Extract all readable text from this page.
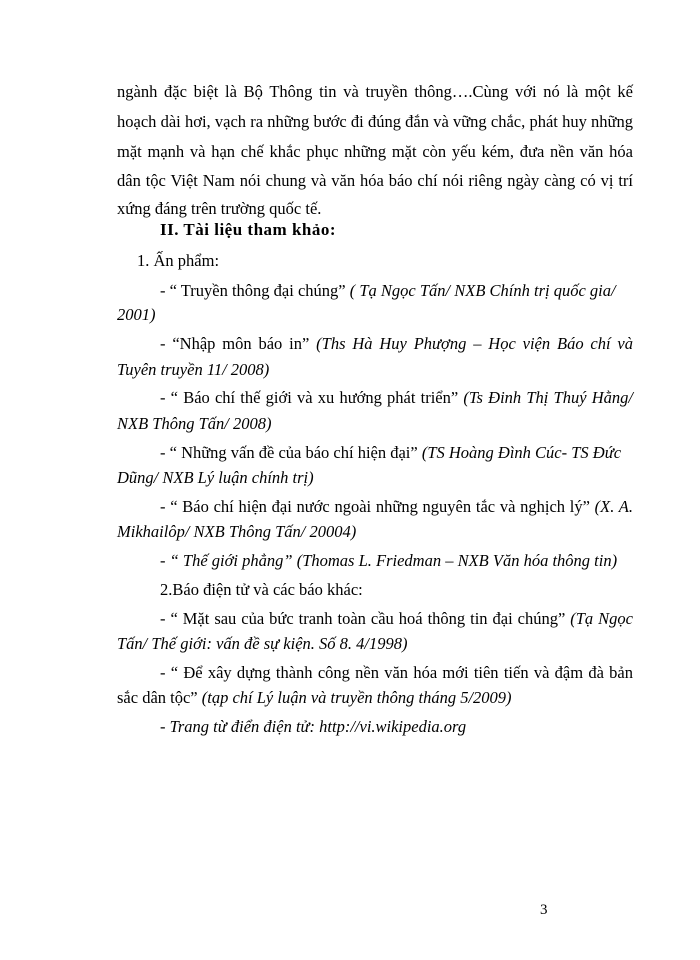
ngành đặc biệt là Bộ Thông tin và truyền thông….Cùng với nó là một kế
hoạch dài hơi, vạch ra những bước đi đúng đắn và vững chắc, phát huy những
mặt mạnh và hạn chế khắc phục những mặt còn yếu kém, đưa nền văn hóa
dân tộc Việt Nam nói chung và văn hóa báo chí nói riêng ngày càng có vị trí
xứng đáng trên trường quốc tế.
II. Tài liệu tham khảo:
1. Ấn phẩm:
- “ Truyền thông đại chúng” ( Tạ Ngọc Tấn/ NXB Chính trị quốc gia/
2001)
- “Nhập môn báo in” (Ths Hà Huy Phượng – Học viện Báo chí và
Tuyên truyền 11/ 2008)
- “ Báo chí thế giới và xu hướng phát triển” (Ts Đinh Thị Thuý Hằng/
NXB Thông Tấn/ 2008)
- “ Những vấn đề của báo chí hiện đại” (TS Hoàng Đình Cúc- TS Đức
Dũng/ NXB Lý luận chính trị)
- “ Báo chí hiện đại nước ngoài những nguyên tắc và nghịch lý” (X. A.
Mikhailôp/ NXB Thông Tấn/ 20004)
- “ Thế giới phẳng” (Thomas L. Friedman – NXB Văn hóa thông tin)
2.Báo điện tử và các báo khác:
- “ Mặt sau của bức tranh toàn cầu hoá thông tin đại chúng” (Tạ Ngọc
Tấn/ Thế giới: vấn đề sự kiện. Số 8. 4/1998)
- “ Để xây dựng thành công nền văn hóa mới tiên tiến và đậm đà bản
sắc dân tộc” (tạp chí Lý luận và truyền thông tháng 5/2009)
- Trang từ điển điện tử: http://vi.wikipedia.org
3
